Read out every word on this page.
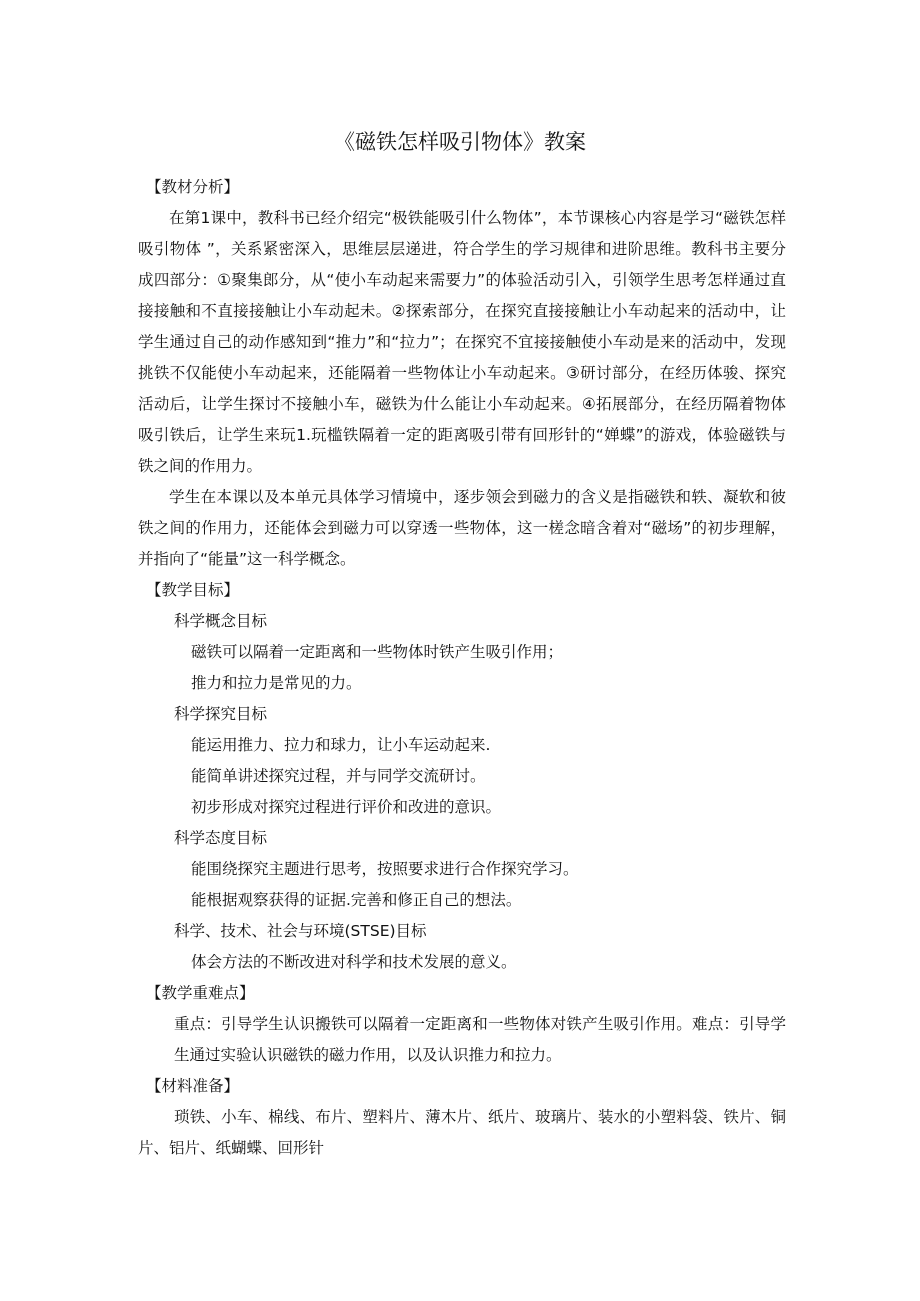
《磁铁怎样吸引物体》教案
【教材分析】

在第1课中，教科书已经介绍完“极铁能吸引什么物体”，本节课核心内容是学习“磁铁怎样吸引物体 ”，关系紧密深入，思维层层递进，符合学生的学习规律和进阶思维。教科书主要分成四部分：①聚集郎分，从“使小车动起来需要力”的体验活动引入，引领学生思考怎样通过直接接触和不直接接触让小车动起未。②探索部分，在探究直接接触让小车动起来的活动中，让学生通过自己的动作感知到“推力”和“拉力”；在探究不宜接接触使小车动是来的活动中，发现挑铁不仅能使小车动起来，还能隔着一些物体让小车动起来。③研讨部分，在经历体骏、探究活动后，让学生探讨不接触小车，磁铁为什么能让小车动起来。④拓展部分，在经历隔着物体吸引铁后，让学生来玩1.玩槛铁隔着一定的距离吸引带有回形针的“婵蝶”的游戏，体验磁铁与铁之间的作用力。

学生在本课以及本单元具体学习情境中，逐步领会到磁力的含义是指磁铁和轶、凝软和彼铁之间的作用力，还能体会到磁力可以穿透一些物体，这一槎念暗含着对“磁场”的初步理解，并指向了“能量”这一科学概念。

【教学目标】
科学概念目标
磁铁可以隔着一定距离和一些物体时铁产生吸引作用；
推力和拉力是常见的力。
科学探究目标
能运用推力、拉力和球力，让小车运动起来.
能简单讲述探究过程，并与同学交流研讨。
初步形成对探究过程进行评价和改进的意识。
科学态度目标
能围绕探究主题进行思考，按照要求进行合作探究学习。
能根据观察获得的证据.完善和修正自己的想法。
科学、技术、社会与环境(STSE)目标
体会方法的不断改进对科学和技术发展的意义。
【教学重难点】

重点：引导学生认识搬铁可以隔着一定距离和一些物体对铁产生吸引作用。难点：引导学生通过实验认识磁铁的磁力作用，以及认识推力和拉力。

【材料准备】

琐铁、小车、棉线、布片、塑料片、薄木片、纸片、玻璃片、装水的小塑料袋、铁片、铜片、铝片、纸蝴蝶、回形针
